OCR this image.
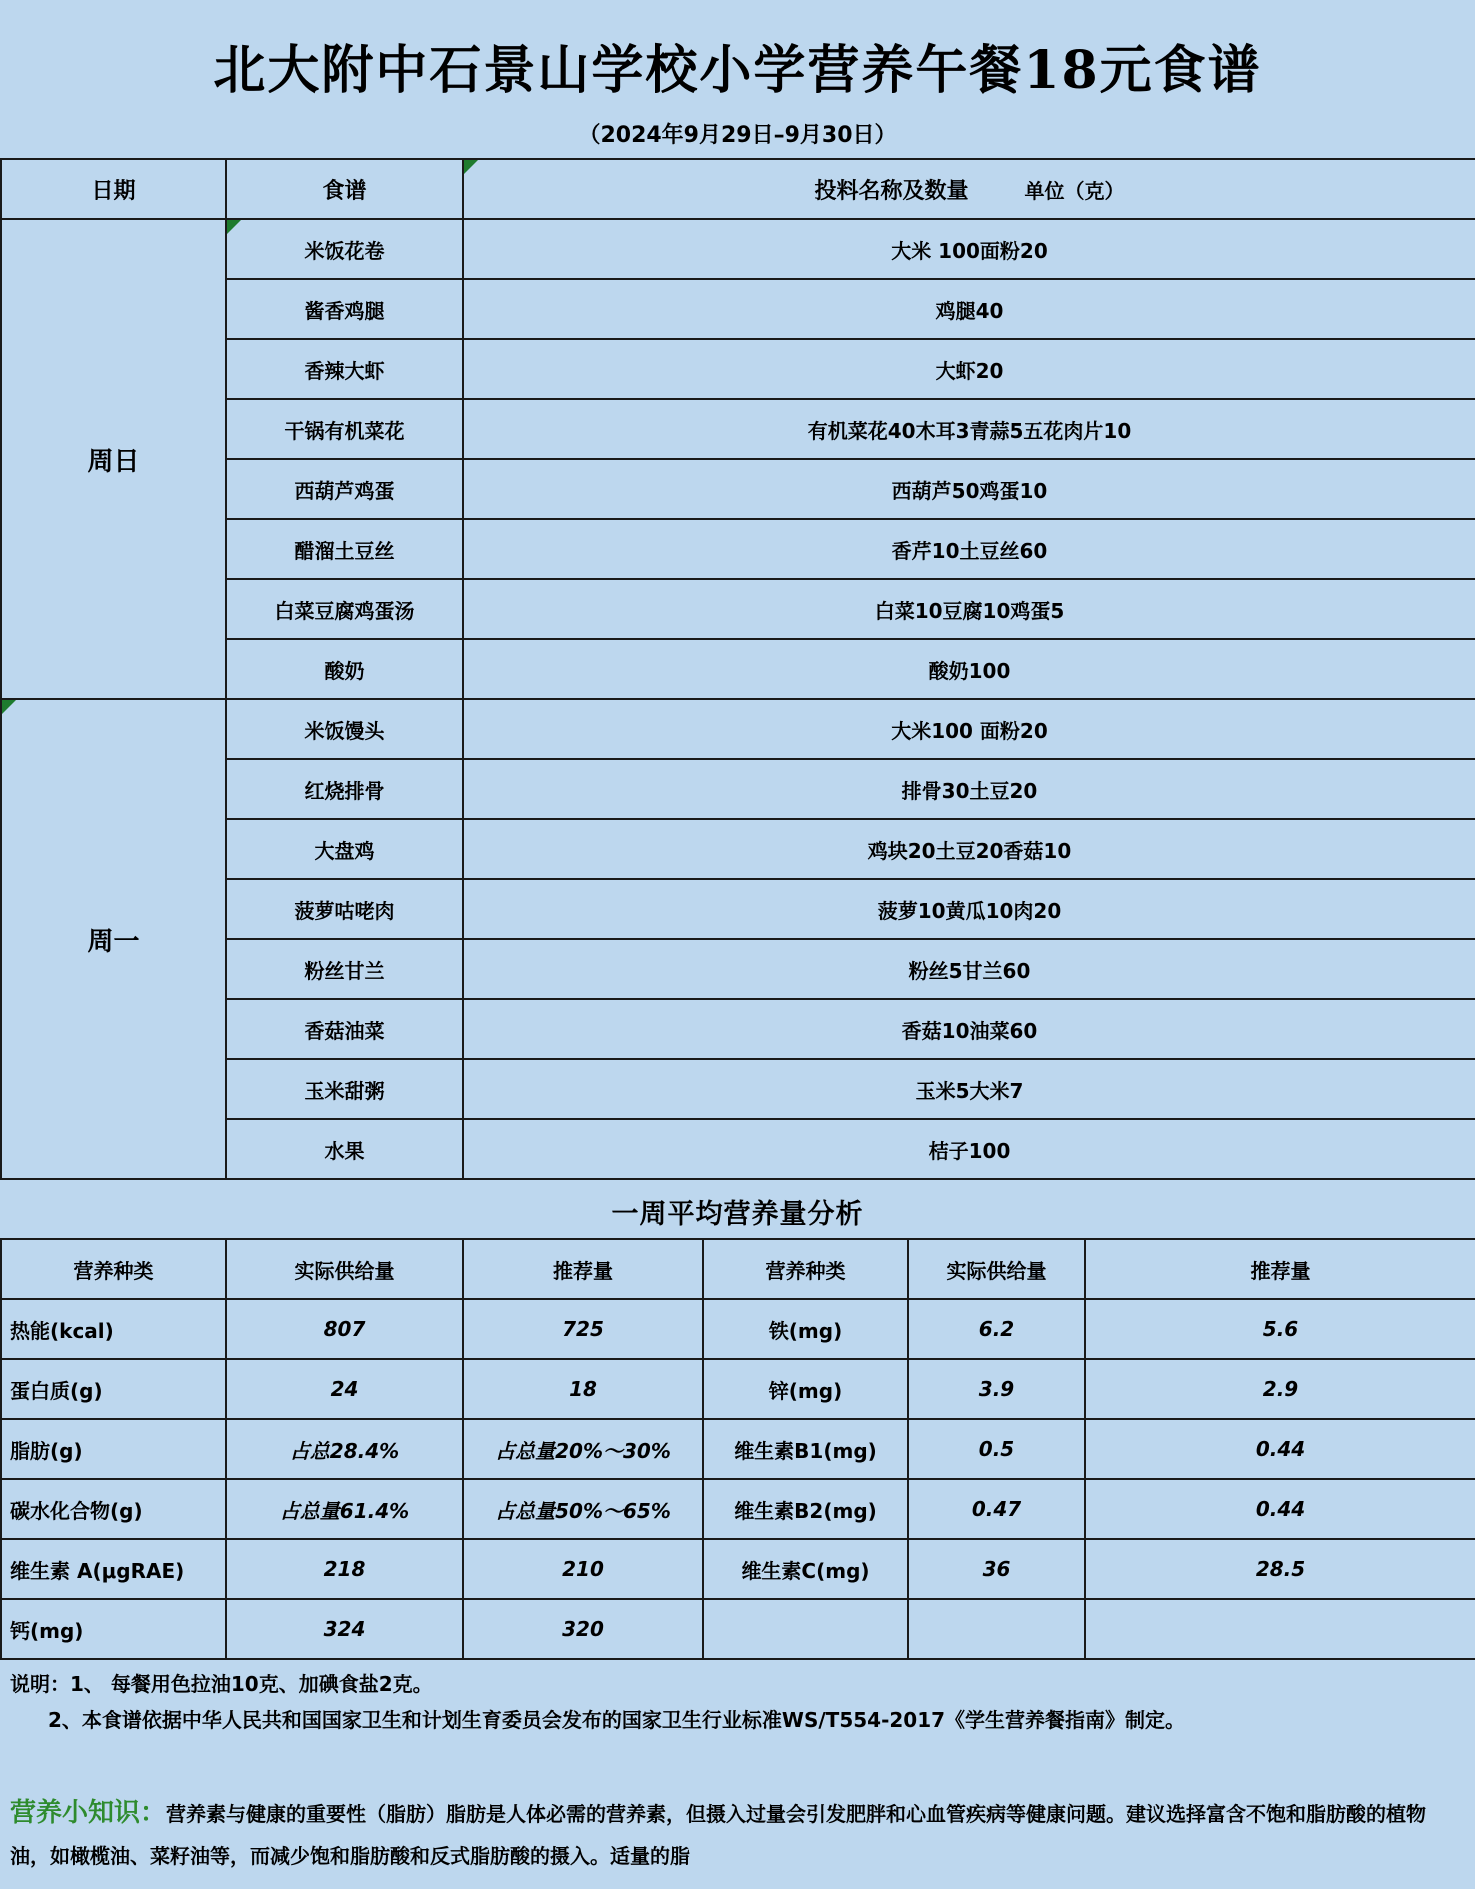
北大附中石景山学校小学营养午餐18元食谱
（2024年9月29日–9月30日）
日期	食谱	投料名称及数量 单位（克）
周日	米饭花卷	大米 100面粉20
	酱香鸡腿	鸡腿40
	香辣大虾	大虾20
	干锅有机菜花	有机菜花40木耳3青蒜5五花肉片10
	西葫芦鸡蛋	西葫芦50鸡蛋10
	醋溜土豆丝	香芹10土豆丝60
	白菜豆腐鸡蛋汤	白菜10豆腐10鸡蛋5
	酸奶	酸奶100

周一	米饭馒头	大米100 面粉20
	红烧排骨	排骨30土豆20
	大盘鸡	鸡块20土豆20香菇10
	菠萝咕咾肉	菠萝10黄瓜10肉20
	粉丝甘兰	粉丝5甘兰60
	香菇油菜	香菇10油菜60
	玉米甜粥	玉米5大米7
	水果	桔子100
一周平均营养量分析
营养种类	实际供给量	推荐量	营养种类	实际供给量	推荐量
热能(kcal)	807	725	铁(mg)	6.2	5.6
蛋白质(g)	24	18	锌(mg)	3.9	2.9
脂肪(g)	占总28.4%	占总量20%～30%	维生素B1(mg)	0.5	0.44
碳水化合物(g)	占总量61.4%	占总量50%～65%	维生素B2(mg)	0.47	0.44
维生素 A(μgRAE)	218	210	维生素C(mg)	36	28.5
钙(mg)	324	320			

说明：1、 每餐用色拉油10克、加碘食盐2克。

2、本食谱依据中华人民共和国国家卫生和计划生育委员会发布的国家卫生行业标准WS/T554-2017《学生营养餐指南》制定。

营养小知识：营养素与健康的重要性（脂肪）脂肪是人体必需的营养素，但摄入过量会引发肥胖和心血管疾病等健康问题。建议选择富含不饱和脂肪酸的植物油，如橄榄油、菜籽油等，而减少饱和脂肪酸和反式脂肪酸的摄入。适量的脂
